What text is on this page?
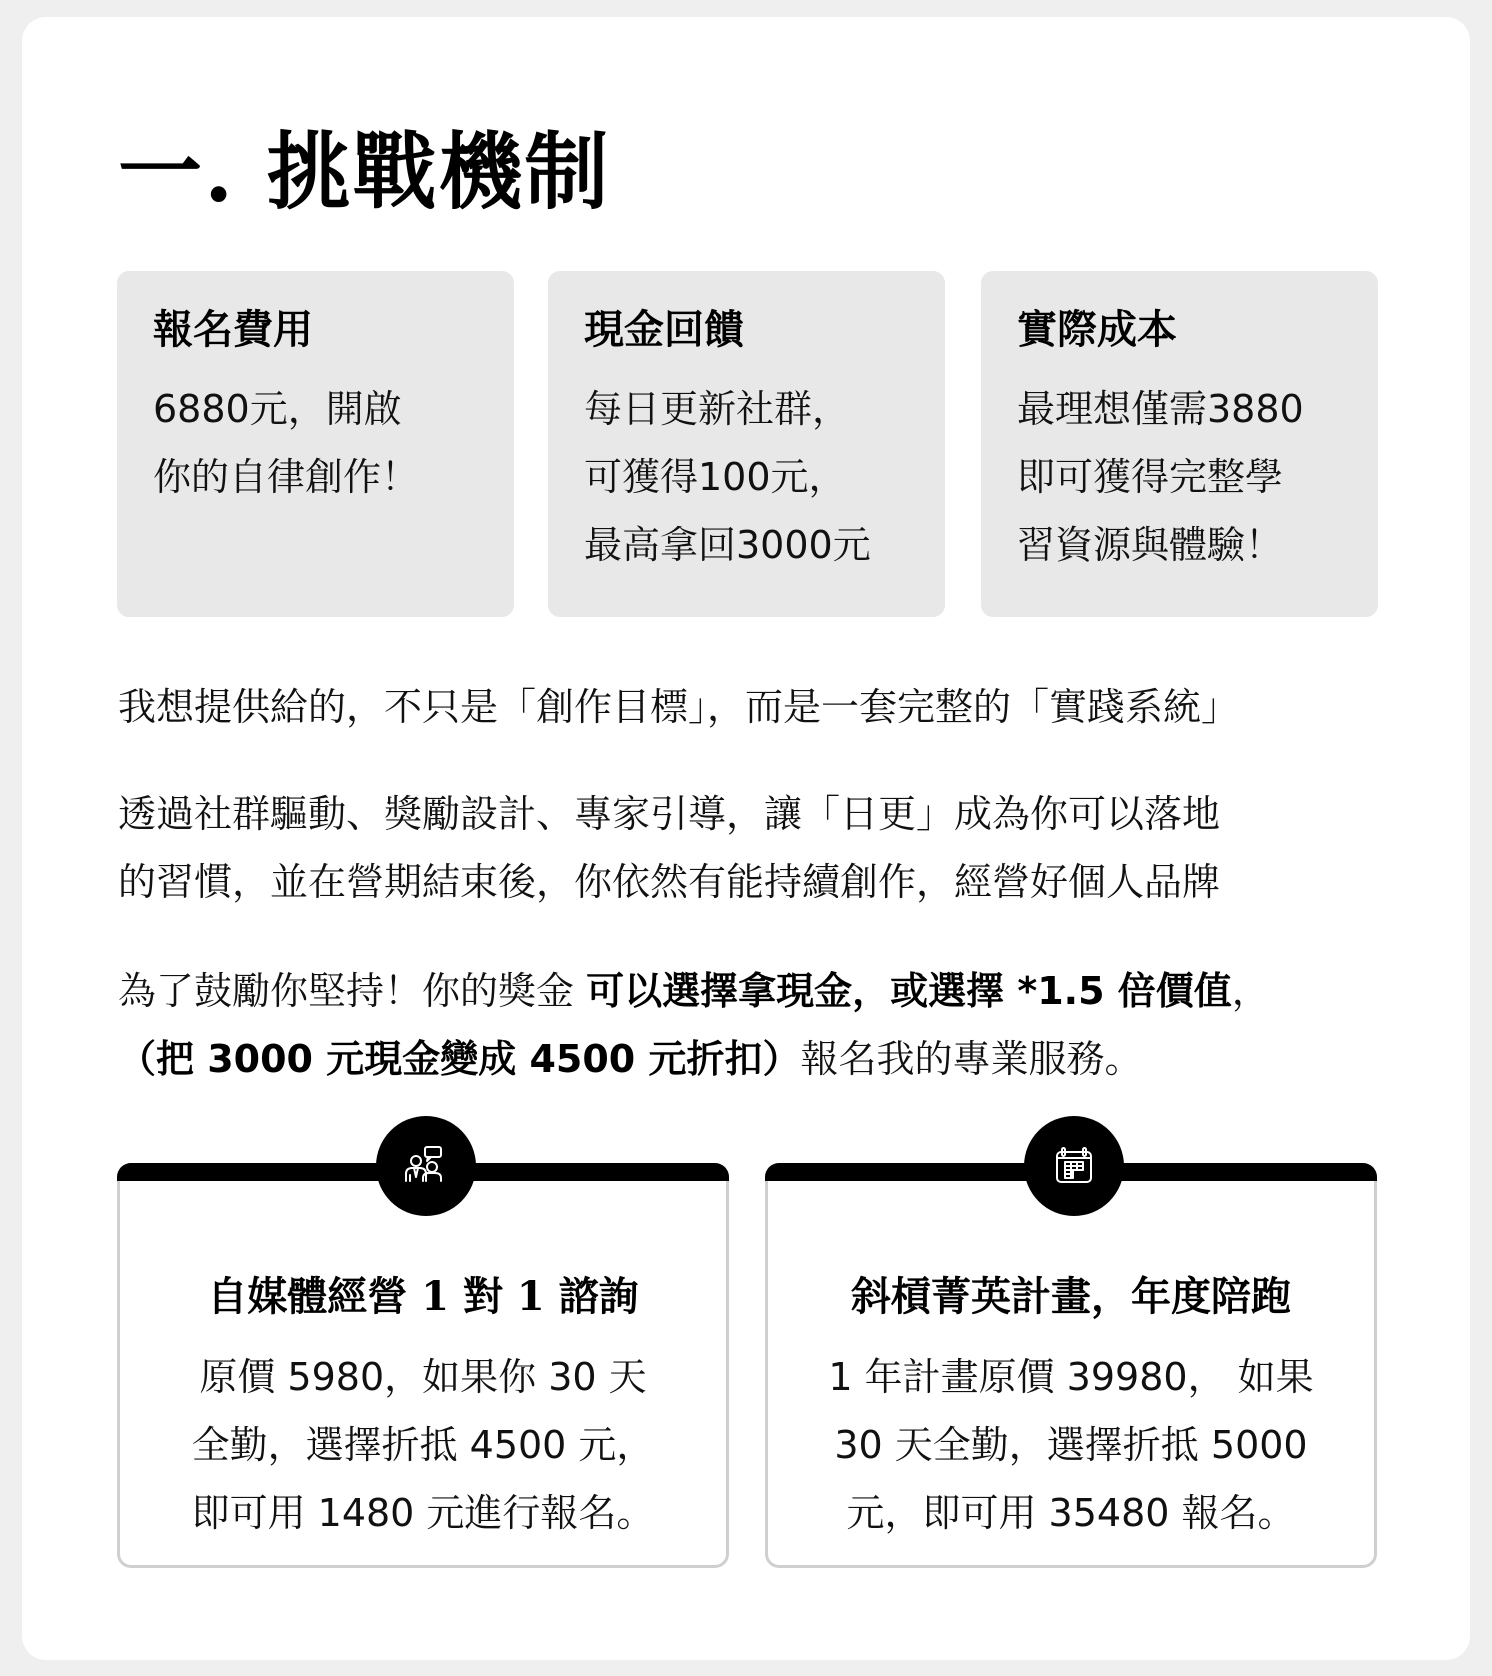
一. 挑戰機制
報名費用
6880元，開啟
你的自律創作！
現金回饋
每日更新社群，
可獲得100元，
最高拿回3000元
實際成本
最理想僅需3880
即可獲得完整學
習資源與體驗！

我想提供給的，不只是「創作目標」，而是一套完整的「實踐系統」

透過社群驅動、獎勵設計、專家引導，讓「日更」成為你可以落地
的習慣，並在營期結束後，你依然有能持續創作，經營好個人品牌

為了鼓勵你堅持！你的獎金 可以選擇拿現金，或選擇 *1.5 倍價值，
（把 3000 元現金變成 4500 元折扣）報名我的專業服務。

自媒體經營 1 對 1 諮詢
原價 5980，如果你 30 天
全勤，選擇折抵 4500 元，
即可用 1480 元進行報名。
斜槓菁英計畫，年度陪跑
1 年計畫原價 39980， 如果
30 天全勤，選擇折抵 5000
元，即可用 35480 報名。
